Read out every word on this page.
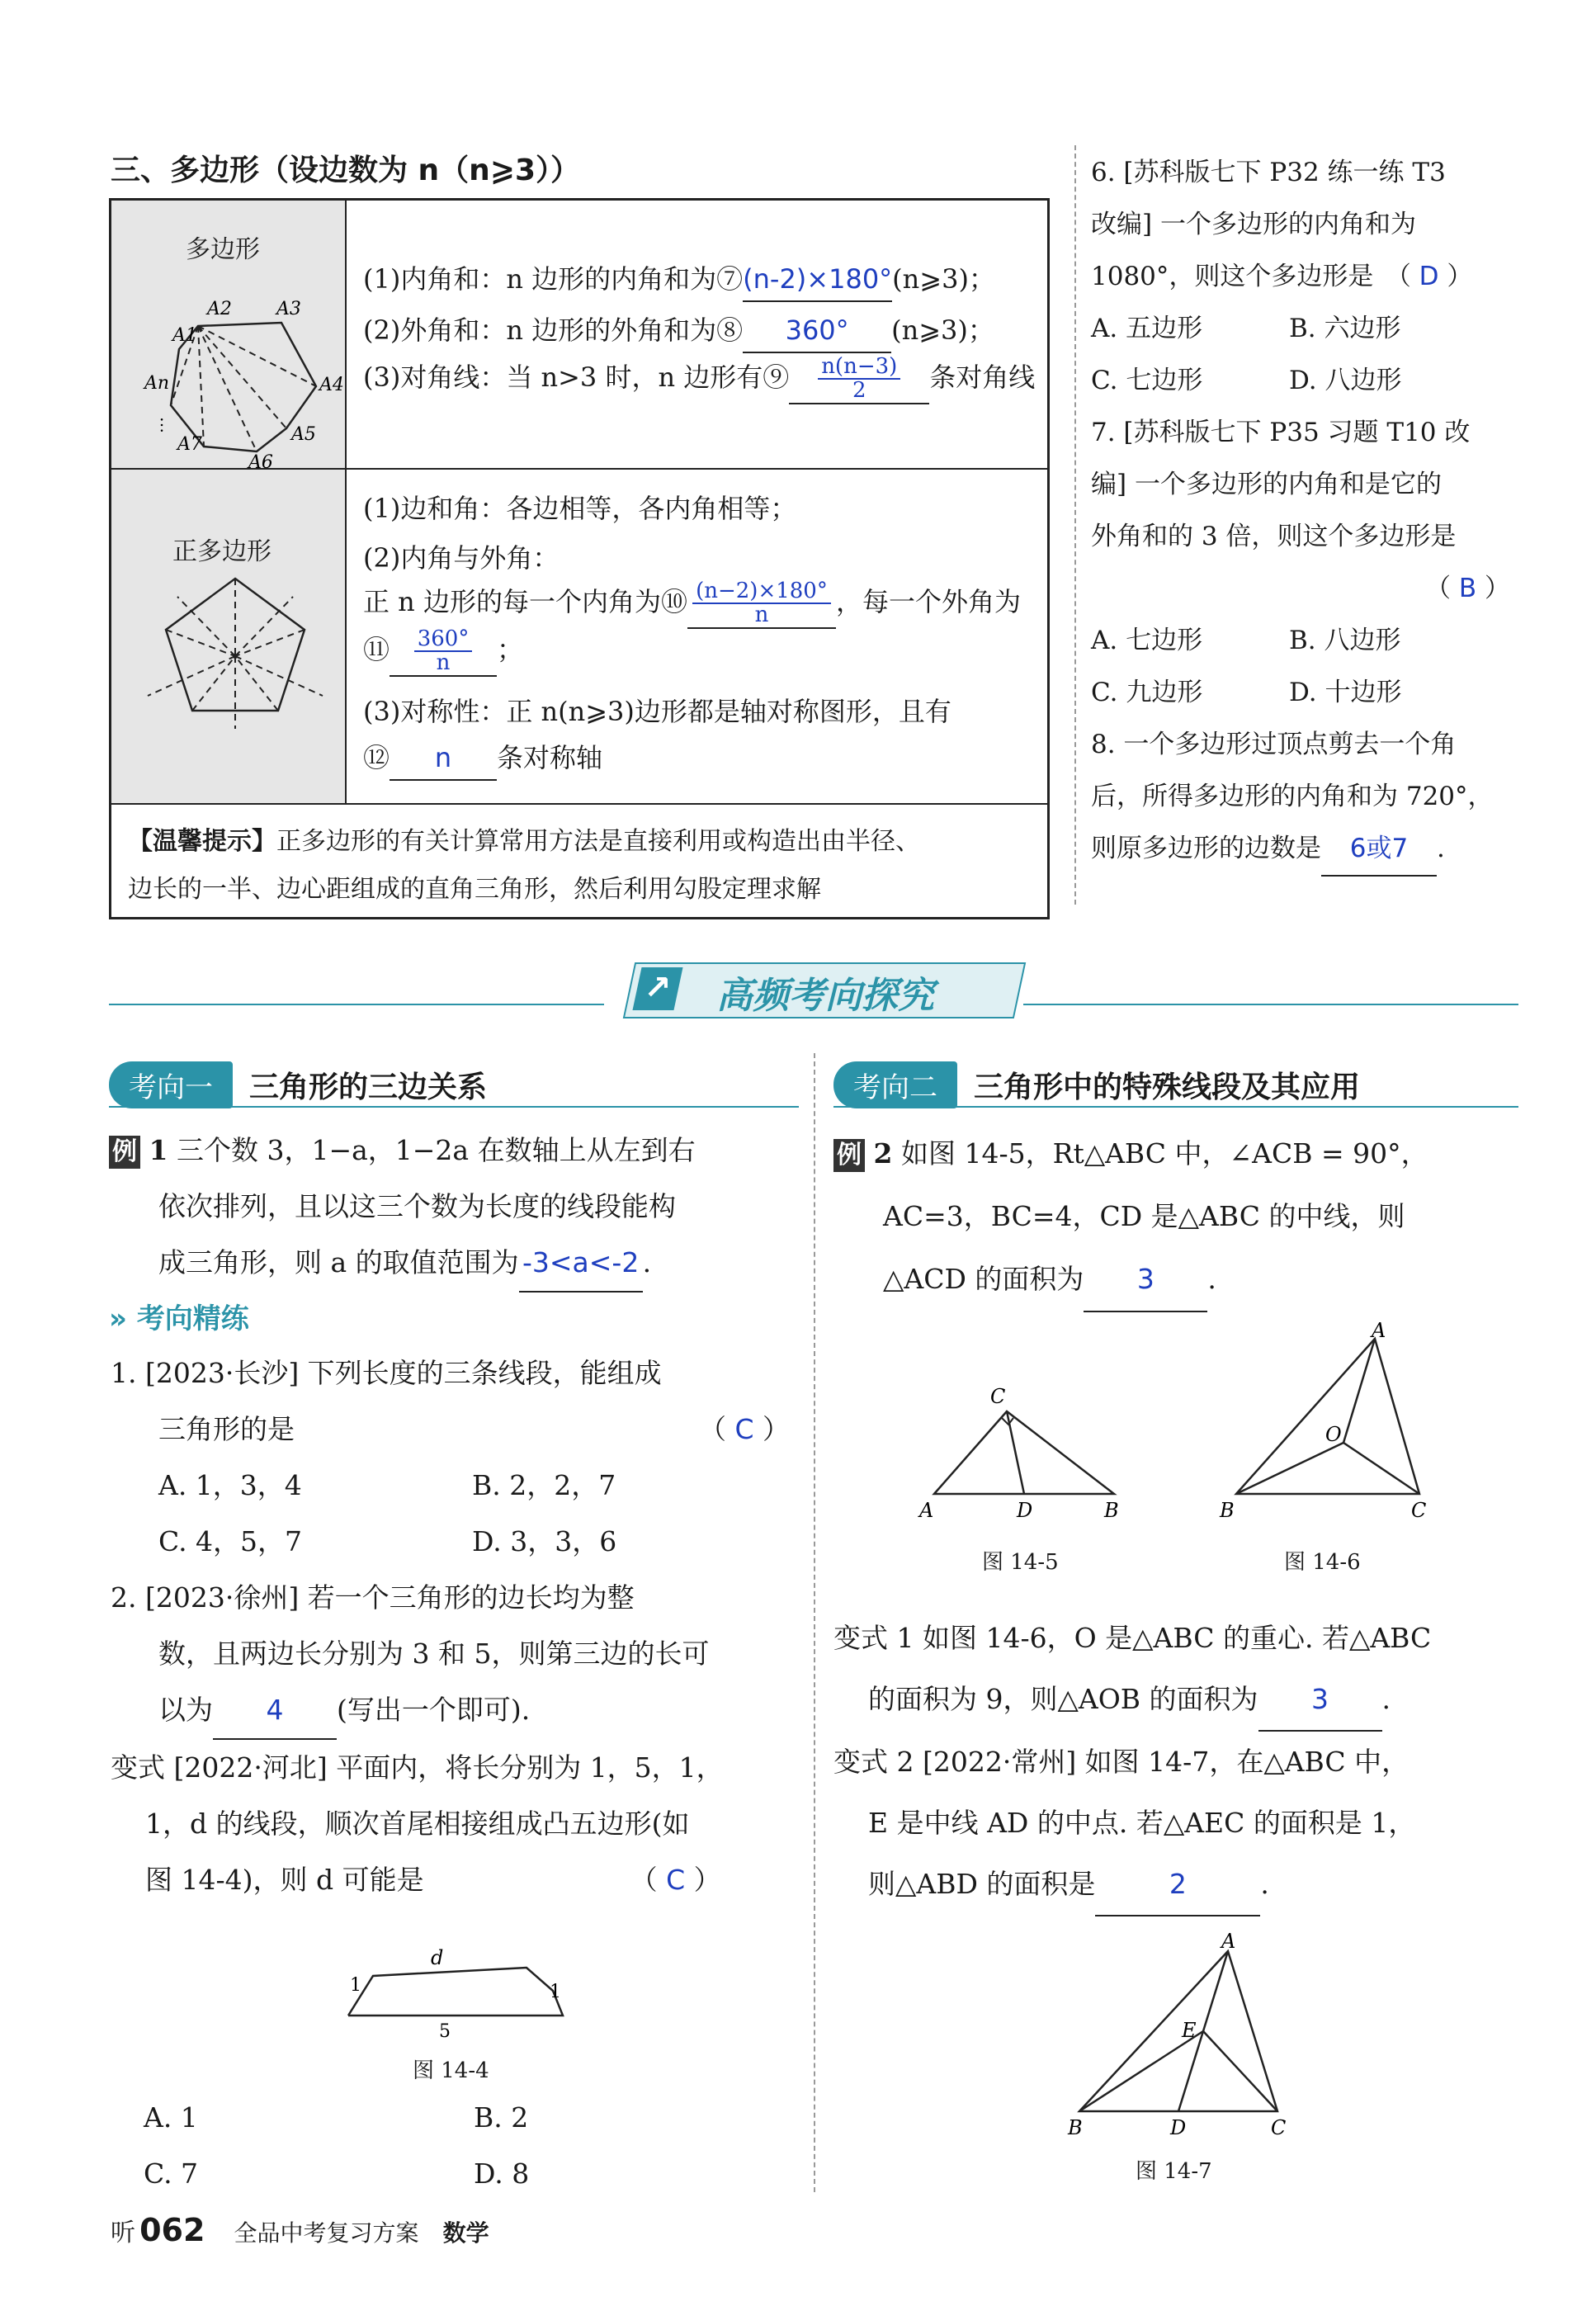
三、多边形（设边数为 n（n⩾3））
多边形
A2 A3
A1
A4
An
A7	A5
A6
…
(1)内角和：n 边形的内角和为⑦(n-2)×180°(n⩾3)；
(2)外角和：n 边形的外角和为⑧ 360° (n⩾3)；
(3)对角线：当 n>3 时，n 边形有⑨ $\frac{n(n-3)}{2}$ 条对角线
正多边形
(1)边和角：各边相等，各内角相等；
(2)内角与外角：
正 n 边形的每一个内角为⑩ $\frac{(n-2)\times 180^\circ}{n}$ ，每一个外角为
⑪ $\frac{360^\circ}{n}$ ；
(3)对称性：正 n(n⩾3)边形都是轴对称图形，且有
⑫ n 条对称轴
【温馨提示】正多边形的有关计算常用方法是直接利用或构造出由半径、
边长的一半、边心距组成的直角三角形，然后利用勾股定理求解
6. [苏科版七下 P32 练一练 T3
改编] 一个多边形的内角和为
1080°，则这个多边形是 （ D ）
A. 五边形	B. 六边形
C. 七边形	D. 八边形
7. [苏科版七下 P35 习题 T10 改
编] 一个多边形的内角和是它的
外角和的 3 倍，则这个多边形是
（ B ）
A. 七边形	B. 八边形
C. 九边形	D. 十边形
8. 一个多边形过顶点剪去一个角
后，所得多边形的内角和为 720°，
则原多边形的边数是 6或7 .
↗ 高频考向探究
考向一 三角形的三边关系
例 1 三个数 3，1−a，1−2a 在数轴上从左到右
依次排列，且以这三个数为长度的线段能构
成三角形，则 a 的取值范围为 -3<a<-2 .
» 考向精练
1. [2023·长沙] 下列长度的三条线段，能组成
三角形的是	（ C ）
A. 1，3，4	B. 2，2，7
C. 4，5，7	D. 3，3，6
2. [2023·徐州] 若一个三角形的边长均为整
数，且两边长分别为 3 和 5，则第三边的长可
以为 4 (写出一个即可).
变式 [2022·河北] 平面内，将长分别为 1，5，1，
1，d 的线段，顺次首尾相接组成凸五边形(如
图 14-4)，则 d 可能是	（ C ）
d
1	1
5
图 14-4
A. 1	B. 2
C. 7	D. 8
考向二 三角形中的特殊线段及其应用
例 2 如图 14-5，Rt△ABC 中，∠ACB = 90°，
AC=3，BC=4，CD 是△ABC 的中线，则
△ACD 的面积为 3 .
C
A	D	B
图 14-5
A
O
B	C
图 14-6
变式 1 如图 14-6，O 是△ABC 的重心. 若△ABC
的面积为 9，则△AOB 的面积为 3 .
变式 2 [2022·常州] 如图 14-7，在△ABC 中，
E 是中线 AD 的中点. 若△AEC 的面积是 1，
则△ABD 的面积是	2	.
A
E
B	D	C
图 14-7
听 062 全品中考复习方案 数学
